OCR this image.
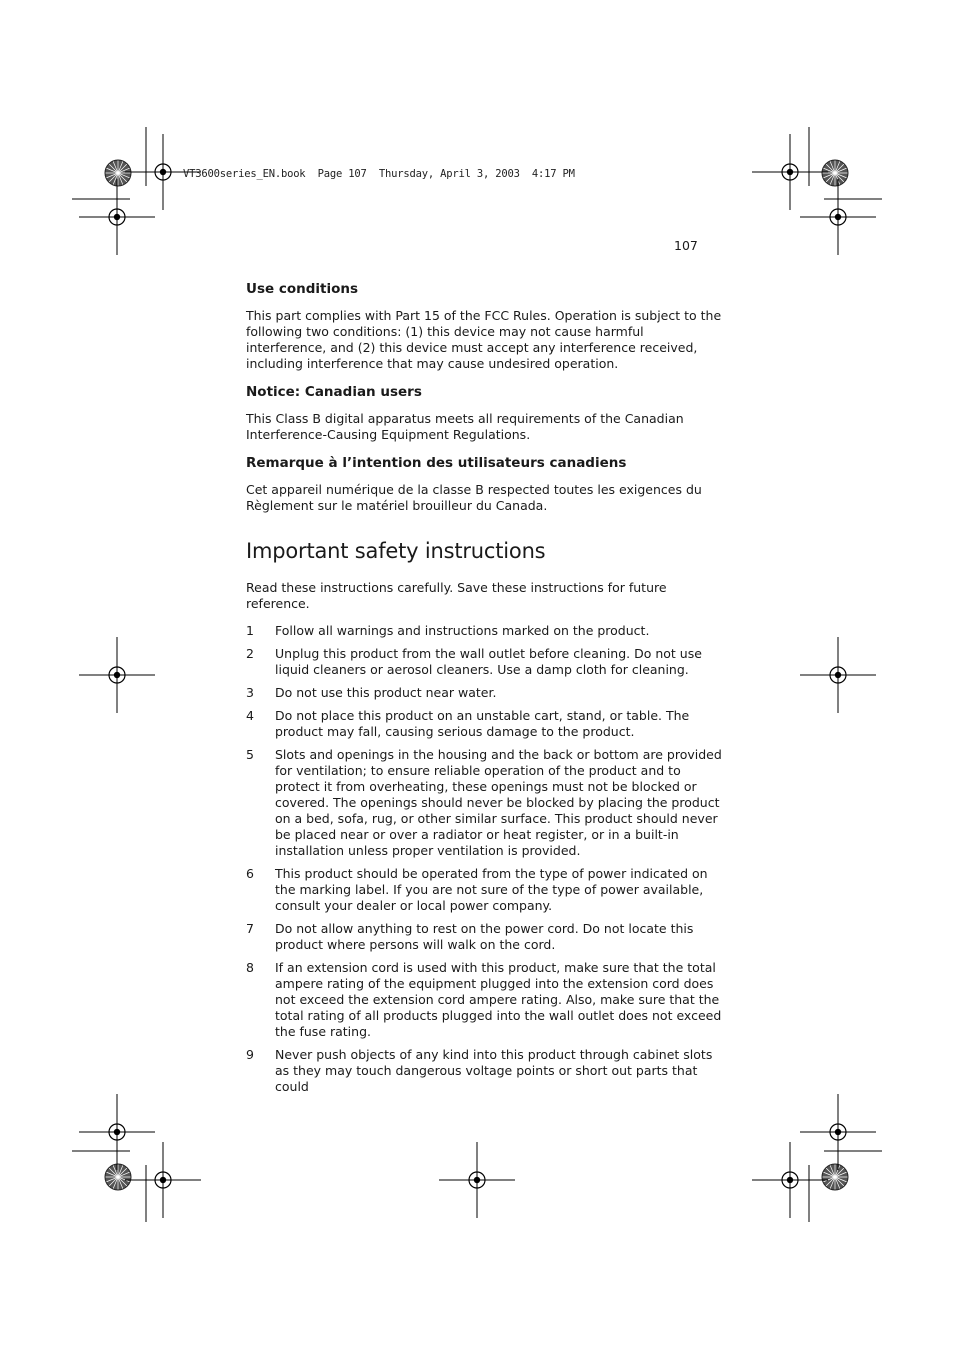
VT3600series_EN.book  Page 107  Thursday, April 3, 2003  4:17 PM
107
Use conditions

This part complies with Part 15 of the FCC Rules. Operation is subject to the following two conditions: (1) this device may not cause harmful interference, and (2) this device must accept any interference received, including interference that may cause undesired operation.

Notice: Canadian users

This Class B digital apparatus meets all requirements of the Canadian Interference-Causing Equipment Regulations.

Remarque à l’intention des utilisateurs canadiens

Cet appareil numérique de la classe B respected toutes les exigences du Règlement sur le matériel brouilleur du Canada.

Important safety instructions

Read these instructions carefully. Save these instructions for future reference.

1	Follow all warnings and instructions marked on the product.
2	Unplug this product from the wall outlet before cleaning. Do not use liquid cleaners or aerosol cleaners. Use a damp cloth for cleaning.
3	Do not use this product near water.
4	Do not place this product on an unstable cart, stand, or table. The product may fall, causing serious damage to the product.
5	Slots and openings in the housing and the back or bottom are provided for ventilation; to ensure reliable operation of the product and to protect it from overheating, these openings must not be blocked or covered. The openings should never be blocked by placing the product on a bed, sofa, rug, or other similar surface. This product should never be placed near or over a radiator or heat register, or in a built-in installation unless proper ventilation is provided.
6	This product should be operated from the type of power indicated on the marking label. If you are not sure of the type of power available, consult your dealer or local power company.
7	Do not allow anything to rest on the power cord. Do not locate this product where persons will walk on the cord.
8	If an extension cord is used with this product, make sure that the total ampere rating of the equipment plugged into the extension cord does not exceed the extension cord ampere rating. Also, make sure that the total rating of all products plugged into the wall outlet does not exceed the fuse rating.
9	Never push objects of any kind into this product through cabinet slots as they may touch dangerous voltage points or short out parts that could
